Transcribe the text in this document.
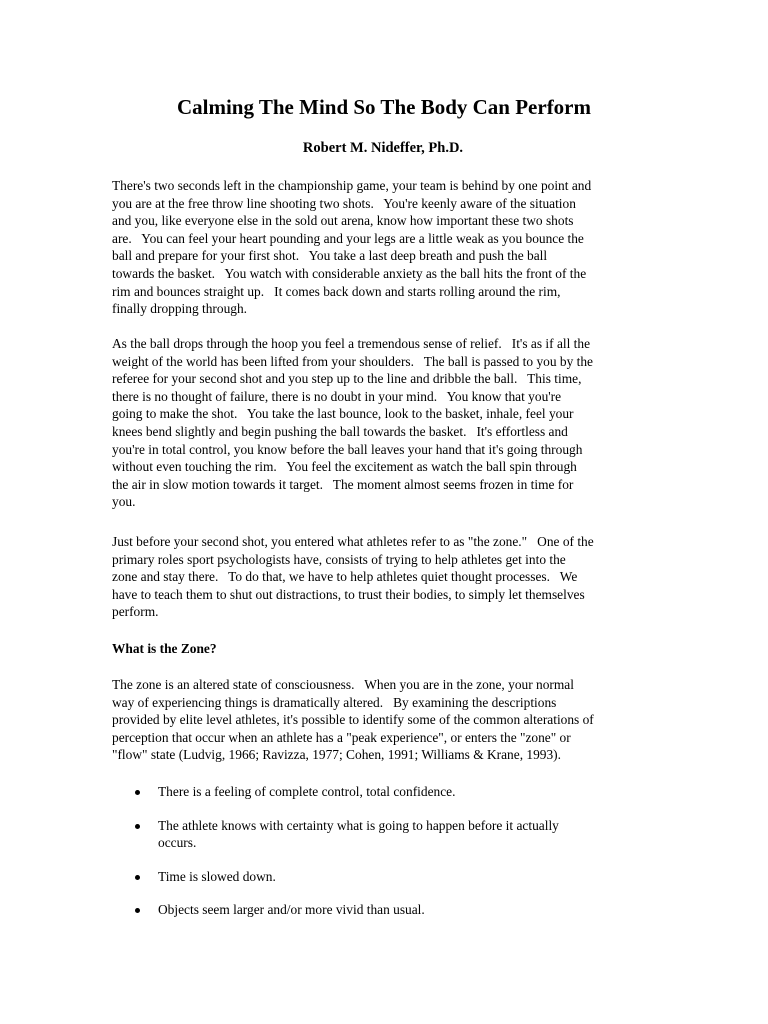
Calming The Mind So The Body Can Perform

Robert M. Nideffer, Ph.D.

There's two seconds left in the championship game, your team is behind by one point and
you are at the free throw line shooting two shots.   You're keenly aware of the situation
and you, like everyone else in the sold out arena, know how important these two shots
are.   You can feel your heart pounding and your legs are a little weak as you bounce the
ball and prepare for your first shot.   You take a last deep breath and push the ball
towards the basket.   You watch with considerable anxiety as the ball hits the front of the
rim and bounces straight up.   It comes back down and starts rolling around the rim,
finally dropping through.

As the ball drops through the hoop you feel a tremendous sense of relief.   It's as if all the
weight of the world has been lifted from your shoulders.   The ball is passed to you by the
referee for your second shot and you step up to the line and dribble the ball.   This time,
there is no thought of failure, there is no doubt in your mind.   You know that you're
going to make the shot.   You take the last bounce, look to the basket, inhale, feel your
knees bend slightly and begin pushing the ball towards the basket.   It's effortless and
you're in total control, you know before the ball leaves your hand that it's going through
without even touching the rim.   You feel the excitement as watch the ball spin through
the air in slow motion towards it target.   The moment almost seems frozen in time for
you.

Just before your second shot, you entered what athletes refer to as "the zone."   One of the
primary roles sport psychologists have, consists of trying to help athletes get into the
zone and stay there.   To do that, we have to help athletes quiet thought processes.   We
have to teach them to shut out distractions, to trust their bodies, to simply let themselves
perform.

What is the Zone?

The zone is an altered state of consciousness.   When you are in the zone, your normal
way of experiencing things is dramatically altered.   By examining the descriptions
provided by elite level athletes, it's possible to identify some of the common alterations of
perception that occur when an athlete has a "peak experience", or enters the "zone" or
"flow" state (Ludvig, 1966; Ravizza, 1977; Cohen, 1991; Williams & Krane, 1993).

There is a feeling of complete control, total confidence.
The athlete knows with certainty what is going to happen before it actually
occurs.
Time is slowed down.
Objects seem larger and/or more vivid than usual.
